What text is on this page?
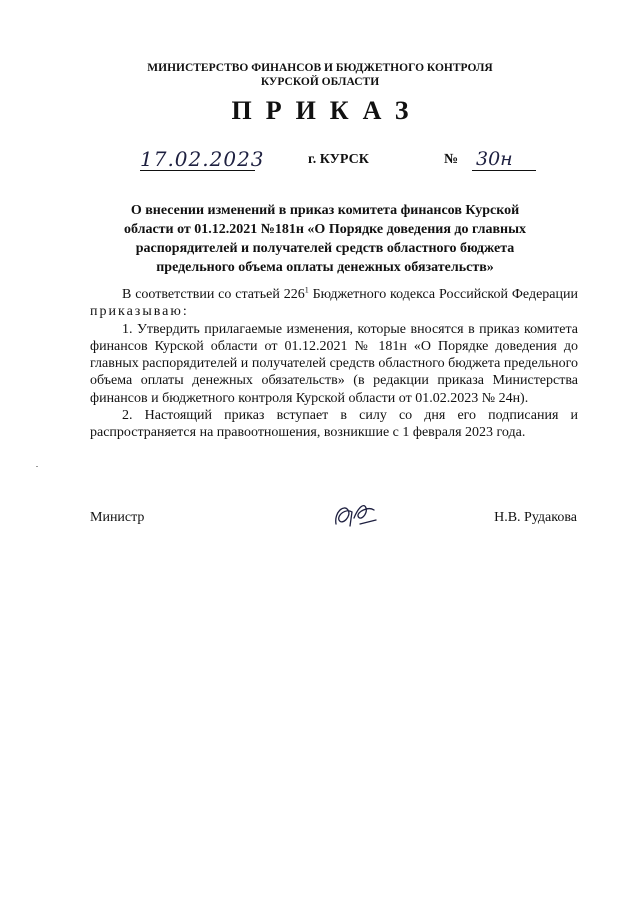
МИНИСТЕРСТВО ФИНАНСОВ И БЮДЖЕТНОГО КОНТРОЛЯ
КУРСКОЙ ОБЛАСТИ
ПРИКАЗ
17.02.2023	г. КУРСК	№ 30н
О внесении изменений в приказ комитета финансов Курской области от 01.12.2021 №181н «О Порядке доведения до главных распорядителей и получателей средств областного бюджета предельного объема оплаты денежных обязательств»

В соответствии со статьей $226^1$ Бюджетного кодекса Российской Федерации приказываю:

1. Утвердить прилагаемые изменения, которые вносятся в приказ комитета финансов Курской области от 01.12.2021 № 181н «О Порядке доведения до главных распорядителей и получателей средств областного бюджета предельного объема оплаты денежных обязательств» (в редакции приказа Министерства финансов и бюджетного контроля Курской области от 01.02.2023 № 24н).

2. Настоящий приказ вступает в силу со дня его подписания и распространяется на правоотношения, возникшие с 1 февраля 2023 года.

Министр	Н.В. Рудакова
